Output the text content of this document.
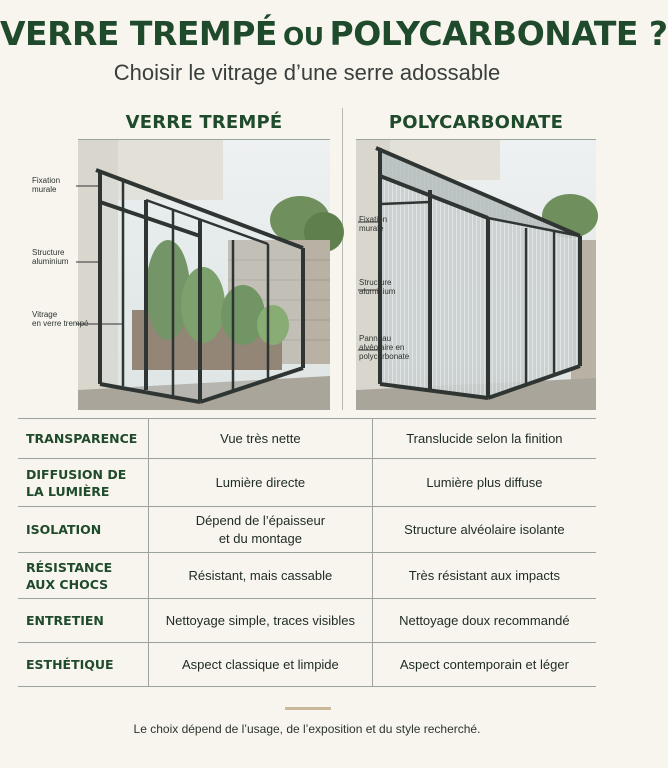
VERRE TREMPÉ OU POLYCARBONATE ?
Choisir le vitrage d’une serre adossable
VERRE TREMPÉ
Fixation
murale
Structure
aluminium
Vitrage
en verre trempé
POLYCARBONATE
Fixation
murale
Structure
aluminium
Panneau
alvéolaire en
polycarbonate
TRANSPARENCE	Vue très nette	Translucide selon la finition

DIFFUSION DE
LA LUMIÈRE	Lumière directe	Lumière plus diffuse

ISOLATION	Dépend de l’épaisseur
et du montage	Structure alvéolaire isolante

RÉSISTANCE
AUX CHOCS	Résistant, mais cassable	Très résistant aux impacts

ENTRETIEN	Nettoyage simple, traces visibles	Nettoyage doux recommandé

ESTHÉTIQUE	Aspect classique et limpide	Aspect contemporain et léger
Le choix dépend de l’usage, de l’exposition et du style recherché.
